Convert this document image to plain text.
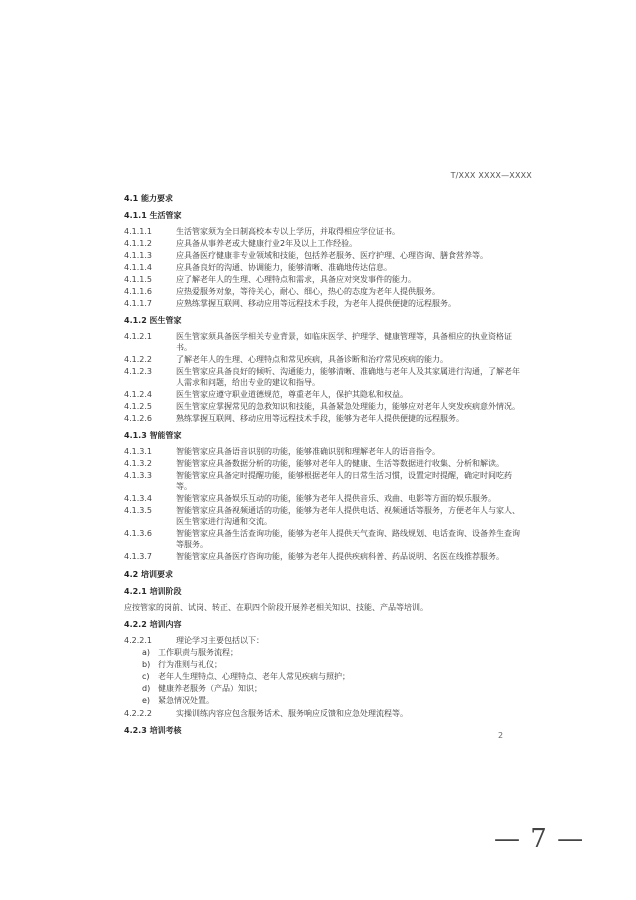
T/XXX XXXX—XXXX
4.1 能力要求
4.1.1 生活管家
4.1.1.1	生活管家须为全日制高校本专以上学历，并取得相应学位证书。
4.1.1.2	应具备从事养老或大健康行业2年及以上工作经验。
4.1.1.3	应具备医疗健康非专业领域和技能，包括养老服务、医疗护理、心理咨询、膳食营养等。
4.1.1.4	应具备良好的沟通、协调能力，能够清晰、准确地传达信息。
4.1.1.5	应了解老年人的生理、心理特点和需求，具备应对突发事件的能力。
4.1.1.6	应热爱服务对象，等待关心，耐心、细心，热心的态度为老年人提供服务。
4.1.1.7	应熟练掌握互联网、移动应用等远程技术手段，为老年人提供便捷的远程服务。
4.1.2 医生管家
4.1.2.1	医生管家须具备医学相关专业背景，如临床医学、护理学、健康管理等，具备相应的执业资格证书。
4.1.2.2	了解老年人的生理、心理特点和常见疾病，具备诊断和治疗常见疾病的能力。
4.1.2.3	医生管家应具备良好的倾听、沟通能力，能够清晰、准确地与老年人及其家属进行沟通，了解老年人需求和问题，给出专业的建议和指导。
4.1.2.4	医生管家应遵守职业道德规范，尊重老年人，保护其隐私和权益。
4.1.2.5	医生管家应掌握常见的急救知识和技能，具备紧急处理能力，能够应对老年人突发疾病意外情况。
4.1.2.6	熟练掌握互联网、移动应用等远程技术手段，能够为老年人提供便捷的远程服务。
4.1.3 智能管家
4.1.3.1	智能管家应具备语音识别的功能，能够准确识别和理解老年人的语音指令。
4.1.3.2	智能管家应具备数据分析的功能，能够对老年人的健康、生活等数据进行收集、分析和解读。
4.1.3.3	智能管家应具备定时提醒功能，能够根据老年人的日常生活习惯，设置定时提醒，确定时间吃药等。
4.1.3.4	智能管家应具备娱乐互动的功能，能够为老年人提供音乐、戏曲、电影等方面的娱乐服务。
4.1.3.5	智能管家应具备视频通话的功能，能够为老年人提供电话、视频通话等服务，方便老年人与家人、医生管家进行沟通和交流。
4.1.3.6	智能管家应具备生活查询功能，能够为老年人提供天气查询、路线规划、电话查询、设备养生查询等服务。
4.1.3.7	智能管家应具备医疗咨询功能，能够为老年人提供疾病科普、药品说明、名医在线推荐服务。
4.2 培训要求
4.2.1 培训阶段
应按管家的岗前、试岗、转正、在职四个阶段开展养老相关知识、技能、产品等培训。
4.2.2 培训内容
4.2.2.1	理论学习主要包括以下：
a) 工作职责与服务流程；
b) 行为准则与礼仪；
c)	老年人生理特点、心理特点、老年人常见疾病与照护；
d) 健康养老服务（产品）知识；
e) 紧急情况处置。
4.2.2.2	实操训练内容应包含服务话术、服务响应反馈和应急处理流程等。
4.2.3 培训考核
2
— 7 —
